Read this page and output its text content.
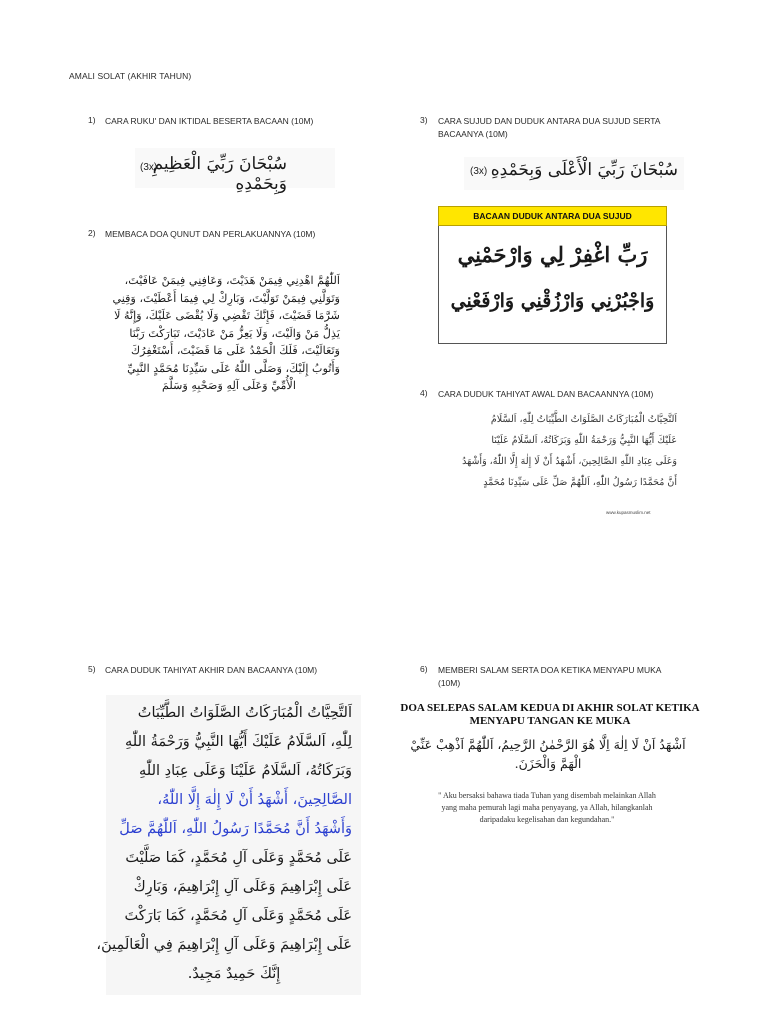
AMALI SOLAT (AKHIR TAHUN)
1) CARA RUKU' DAN IKTIDAL BESERTA BACAAN (10M)
سُبْحَانَ رَبِّيَ الْعَظِيمِ وَبِحَمْدِهِ
(3x)
2) MEMBACA DOA QUNUT DAN PERLAKUANNYA (10M)
اَللّٰهُمَّ اهْدِنِي فِيمَنْ هَدَيْتَ، وَعَافِنِي فِيمَنْ عَافَيْتَ،
وَتَوَلَّنِي فِيمَنْ تَوَلَّيْتَ، وَبَارِكْ لِي فِيمَا أَعْطَيْتَ، وَقِنِي
شَرَّمَا قَضَيْتَ، فَإِنَّكَ تَقْضِي وَلَا يُقْضَى عَلَيْكَ، وَإِنَّهُ لَا
يَذِلُّ مَنْ وَالَيْتَ، وَلَا يَعِزُّ مَنْ عَادَيْتَ، تَبَارَكْتَ رَبَّنَا
وَتَعَالَيْتَ، فَلَكَ الْحَمْدُ عَلَى مَا قَضَيْتَ، أَسْتَغْفِرُكَ
وَأَتُوبُ إِلَيْكَ، وَصَلَّى اللّٰهُ عَلَى سَيِّدِنَا مُحَمَّدٍ النَّبِيِّ
الْأُمِّيِّ وَعَلَى آلِهِ وَصَحْبِهِ وَسَلَّمَ
3) CARA SUJUD DAN DUDUK ANTARA DUA SUJUD SERTA
BACAANYA (10M)
سُبْحَانَ رَبِّيَ الْأَعْلَى وَبِحَمْدِهِ
(3x)
BACAAN DUDUK ANTARA DUA SUJUD
رَبِّ اغْفِرْ لِي وَارْحَمْنِي
وَاجْبُرْنِي وَارْزُقْنِي وَارْفَعْنِي
4) CARA DUDUK TAHIYAT AWAL DAN BACAANNYA (10M)
اَلتَّحِيَّاتُ الْمُبَارَكَاتُ الصَّلَوَاتُ الطَّيِّبَاتُ لِلّٰهِ، اَلسَّلَامُ
عَلَيْكَ أَيُّهَا النَّبِيُّ وَرَحْمَةُ اللّٰهِ وَبَرَكَاتُهُ، اَلسَّلَامُ عَلَيْنَا
وَعَلَى عِبَادِ اللّٰهِ الصَّالِحِينَ، أَشْهَدُ أَنْ لَا إِلٰهَ إِلَّا اللّٰهُ، وَأَشْهَدُ
أَنَّ مُحَمَّدًا رَسُولُ اللّٰهِ، اَللّٰهُمَّ صَلِّ عَلَى سَيِّدِنَا مُحَمَّدٍ
www.kupasmuslim.net
5) CARA DUDUK TAHIYAT AKHIR DAN BACAANYA (10M)
اَلتَّحِيَّاتُ الْمُبَارَكَاتُ الصَّلَوَاتُ الطَّيِّبَاتُ
لِلّٰهِ، اَلسَّلَامُ عَلَيْكَ أَيُّهَا النَّبِيُّ وَرَحْمَةُ اللّٰهِ
وَبَرَكَاتُهُ، اَلسَّلَامُ عَلَيْنَا وَعَلَى عِبَادِ اللّٰهِ
الصَّالِحِينَ، أَشْهَدُ أَنْ لَا إِلٰهَ إِلَّا اللّٰهُ،
وَأَشْهَدُ أَنَّ مُحَمَّدًا رَسُولُ اللّٰهِ، اَللّٰهُمَّ صَلِّ
عَلَى مُحَمَّدٍ وَعَلَى آلِ مُحَمَّدٍ، كَمَا صَلَّيْتَ
عَلَى إِبْرَاهِيمَ وَعَلَى آلِ إِبْرَاهِيمَ، وَبَارِكْ
عَلَى مُحَمَّدٍ وَعَلَى آلِ مُحَمَّدٍ، كَمَا بَارَكْتَ
عَلَى إِبْرَاهِيمَ وَعَلَى آلِ إِبْرَاهِيمَ فِي الْعَالَمِينَ،
إِنَّكَ حَمِيدٌ مَجِيدٌ.
6) MEMBERI SALAM SERTA DOA KETIKA MENYAPU MUKA
(10M)
DOA SELEPAS SALAM KEDUA DI AKHIR SOLAT KETIKA
MENYAPU TANGAN KE MUKA
اَشْهَدُ اَنْ لَا اِلٰهَ اِلَّا هُوَ الرَّحْمٰنُ الرَّحِيمُ، اَللّٰهُمَّ اَذْهِبْ عَنِّيْ
الْهَمَّ وَالْحَزَنَ.
" Aku bersaksi bahawa tiada Tuhan yang disembah melainkan Allah
yang maha pemurah lagi maha penyayang, ya Allah, hilangkanlah
daripadaku kegelisahan dan kegundahan."
